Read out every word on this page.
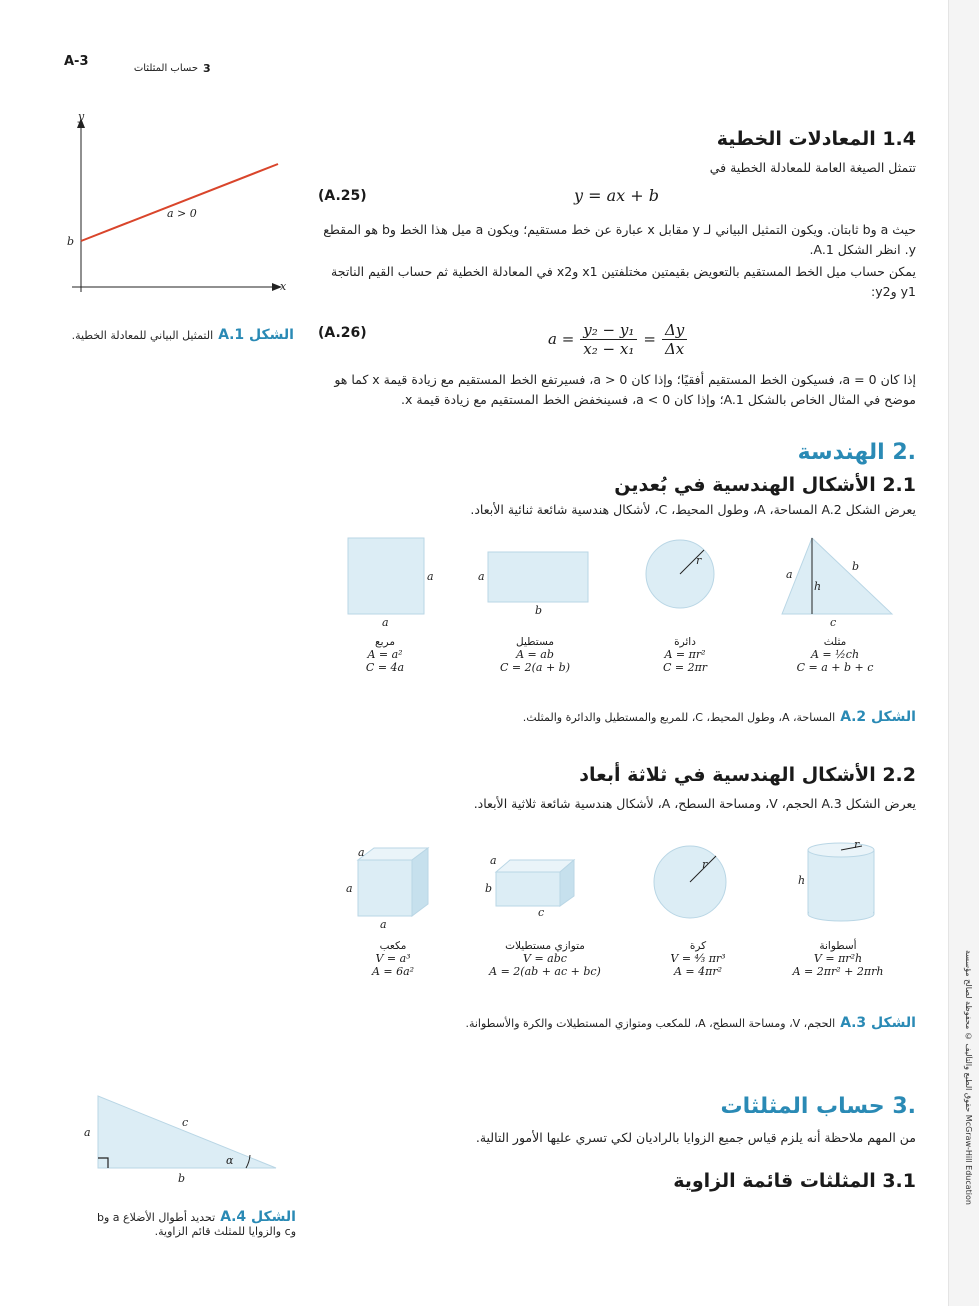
حقوق الطبع والتأليف © محفوظة لصالح مؤسسة McGraw-Hill Education
A-3	3
حساب المثلثات
y
x
b
a > 0
الشكل 1.A التمثيل البياني للمعادلة الخطية.
1.4 المعادلات الخطية
تتمثل الصيغة العامة للمعادلة الخطية في
(A.25)	y = ax + b
حيث a وb ثابتان. ويكون التمثيل البياني لـ y مقابل x عبارة عن خط مستقيم؛ ويكون a ميل هذا الخط وb هو المقطع y. انظر الشكل A.1.
يمكن حساب ميل الخط المستقيم بالتعويض بقيمتين مختلفتين x1 وx2 في المعادلة الخطية ثم حساب القيم الناتجة y1 وy2:
(A.26)	$a = \frac{\text{y₂ − y₁}}{\text{x₂ − x₁}} = \frac{\Delta y}{\Delta x}$
إذا كان a = 0، فسيكون الخط المستقيم أفقيًا؛ وإذا كان a > 0، فسيرتفع الخط المستقيم مع زيادة قيمة x كما هو موضح في المثال الخاص بالشكل A.1؛ وإذا كان a < 0، فسينخفض الخط المستقيم مع زيادة قيمة x.
.2 الهندسة
2.1 الأشكال الهندسية في بُعدين
يعرض الشكل A.2 المساحة، A، وطول المحيط، C، لأشكال هندسية شائعة ثنائية الأبعاد.
a
a
a
b
r
a
b
c
h
مربع
A = a²
C = 4a
مستطيل
A = ab
C = 2(a + b)
دائرة
A = πr²
C = 2πr
مثلث
A = ½ch
C = a + b + c
الشكل 2.A المساحة، A، وطول المحيط، C، للمربع والمستطيل والدائرة والمثلث.
2.2 الأشكال الهندسية في ثلاثة أبعاد
يعرض الشكل A.3 الحجم، V، ومساحة السطح، A، لأشكال هندسية شائعة ثلاثية الأبعاد.
a
a
a
a
b
c
r
r
h
مكعب
V = a³
A = 6a²
متوازي مستطيلات
V = abc
A = 2(ab + ac + bc)
كرة
V = ⁴⁄₃ πr³
A = 4πr²
أسطوانة
V = πr²h
A = 2πr² + 2πrh
الشكل 3.A الحجم، V، ومساحة السطح، A، للمكعب ومتوازي المستطيلات والكرة والأسطوانة.
.3 حساب المثلثات
من المهم ملاحظة أنه يلزم قياس جميع الزوايا بالراديان لكي تسري عليها الأمور التالية.
3.1 المثلثات قائمة الزاوية
a
c
b
α
الشكل 4.A تحديد أطوال الأضلاع a وb
وc والزوايا للمثلث قائم الزاوية.
